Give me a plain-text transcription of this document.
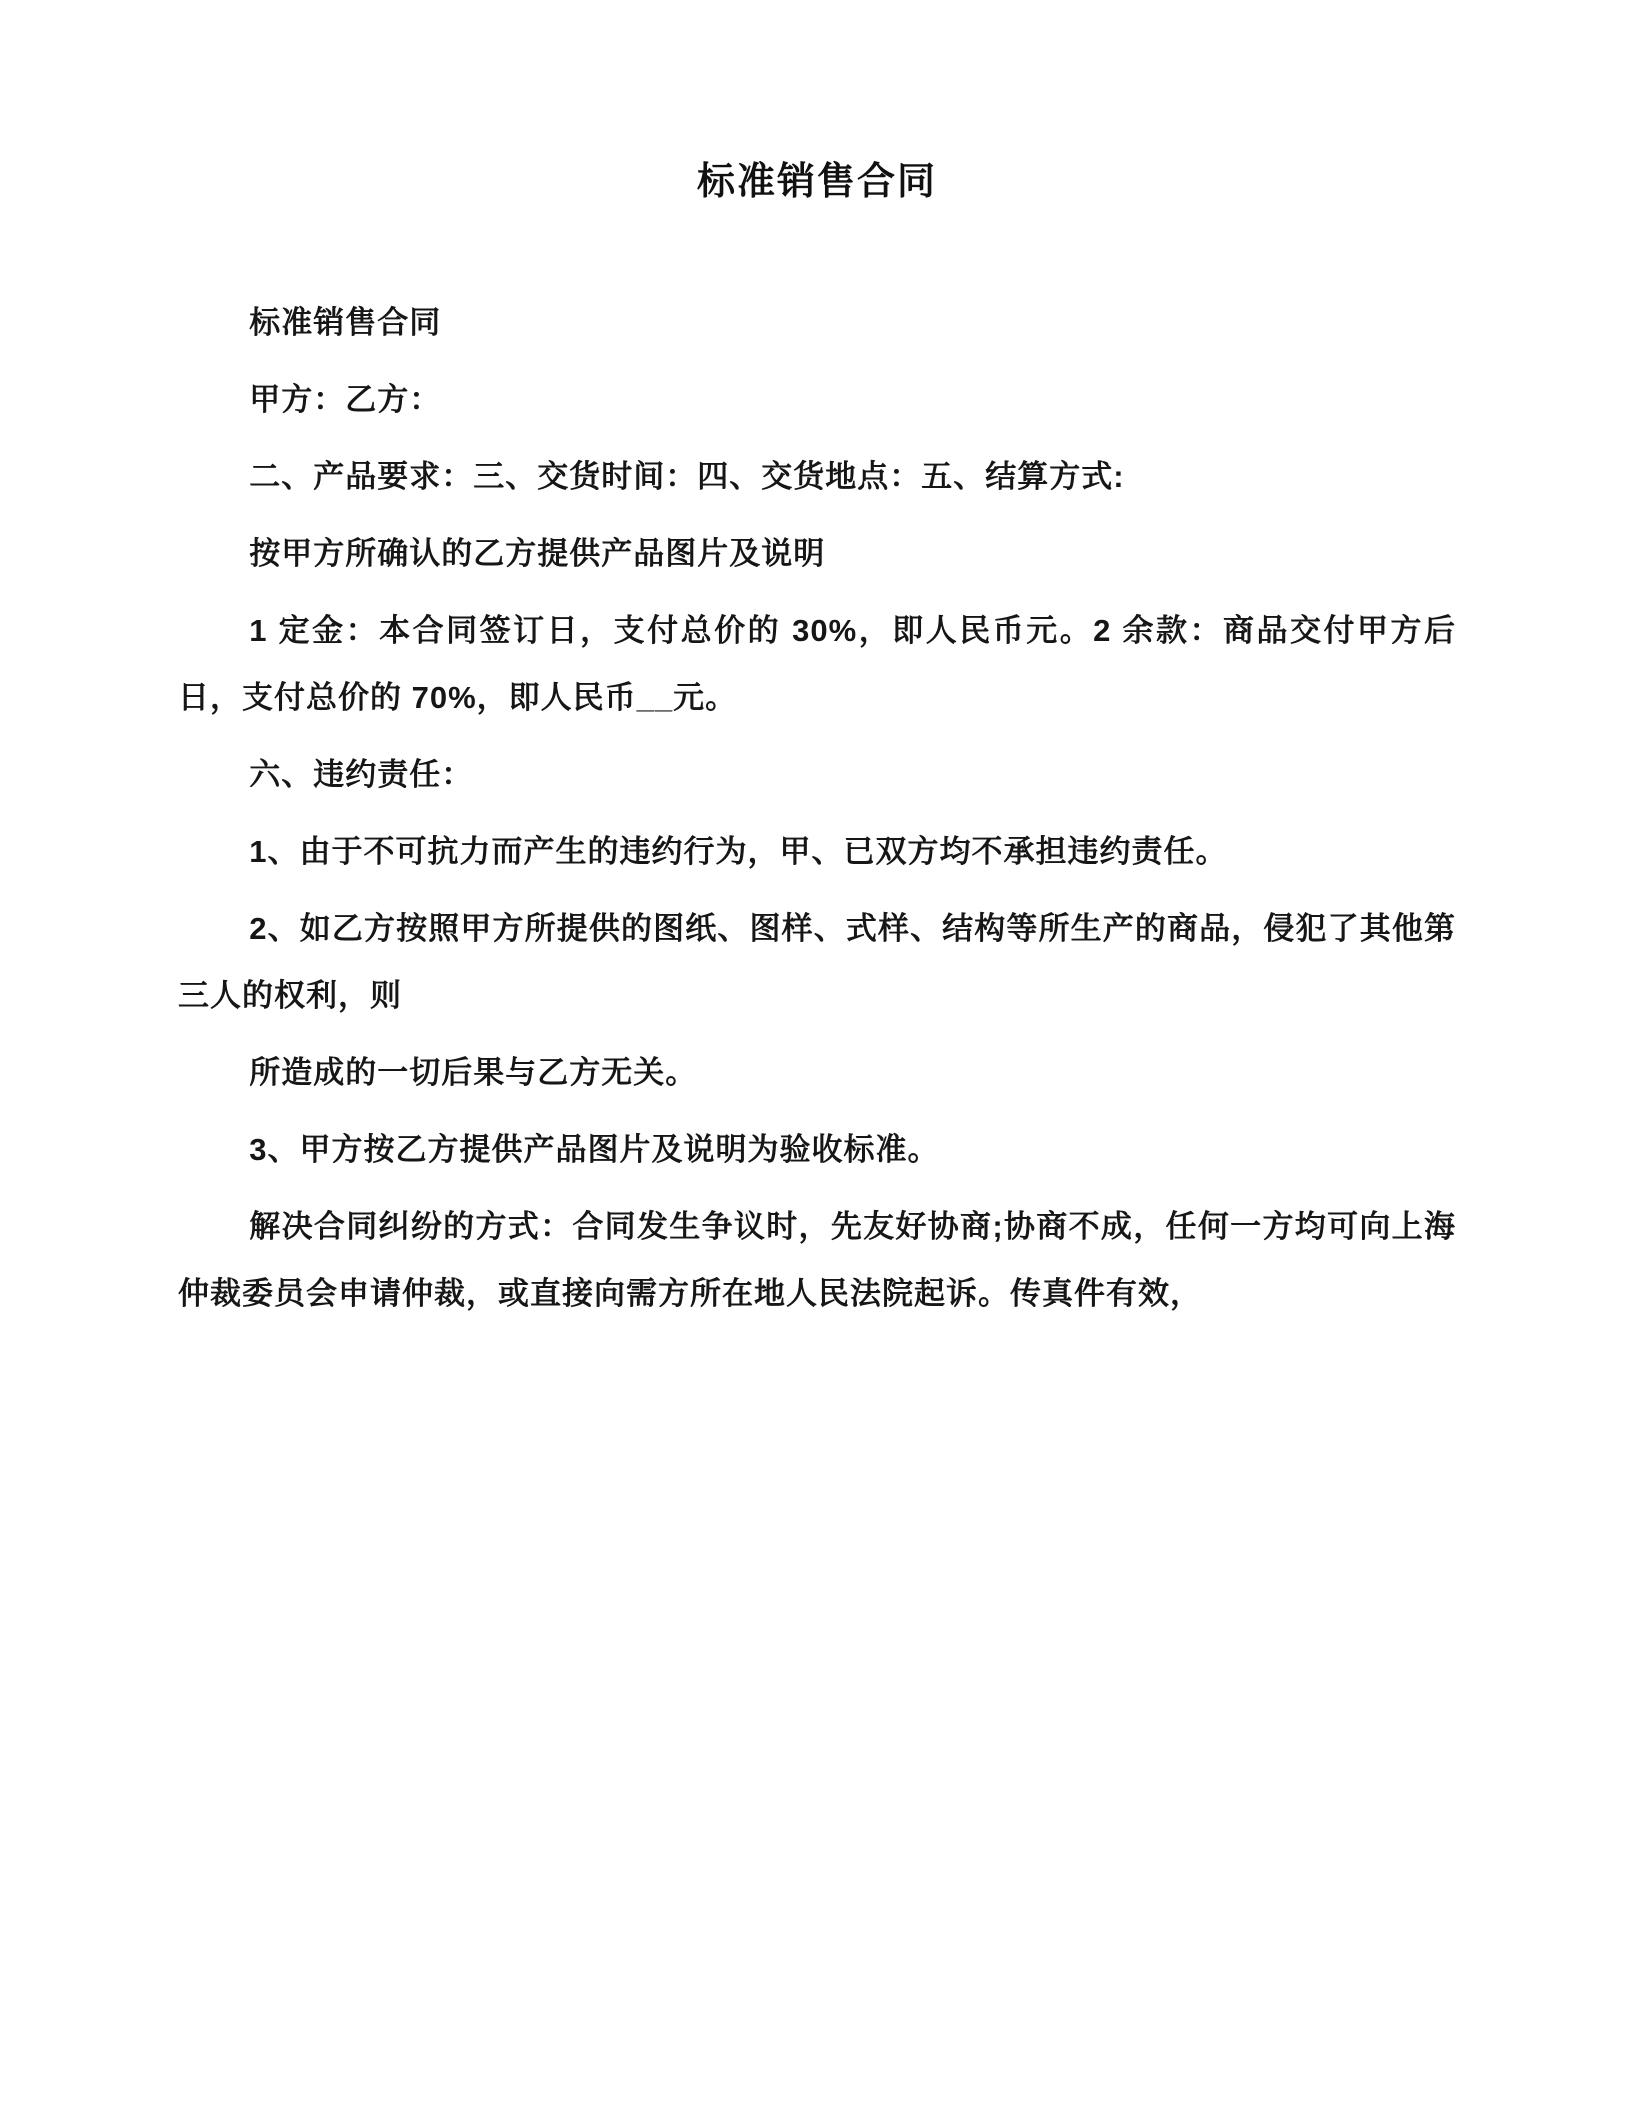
标准销售合同

标准销售合同

甲方：乙方：

二、产品要求：三、交货时间：四、交货地点：五、结算方式:

按甲方所确认的乙方提供产品图片及说明

1 定金：本合同签订日，支付总价的 30%，即人民币元。2 余款：商品交付甲方后日，支付总价的 70%，即人民币__元。

六、违约责任：

1、由于不可抗力而产生的违约行为，甲、已双方均不承担违约责任。

2、如乙方按照甲方所提供的图纸、图样、式样、结构等所生产的商品，侵犯了其他第三人的权利，则

所造成的一切后果与乙方无关。

3、甲方按乙方提供产品图片及说明为验收标准。

解决合同纠纷的方式：合同发生争议时，先友好协商;协商不成，任何一方均可向上海仲裁委员会申请仲裁，或直接向需方所在地人民法院起诉。传真件有效，
